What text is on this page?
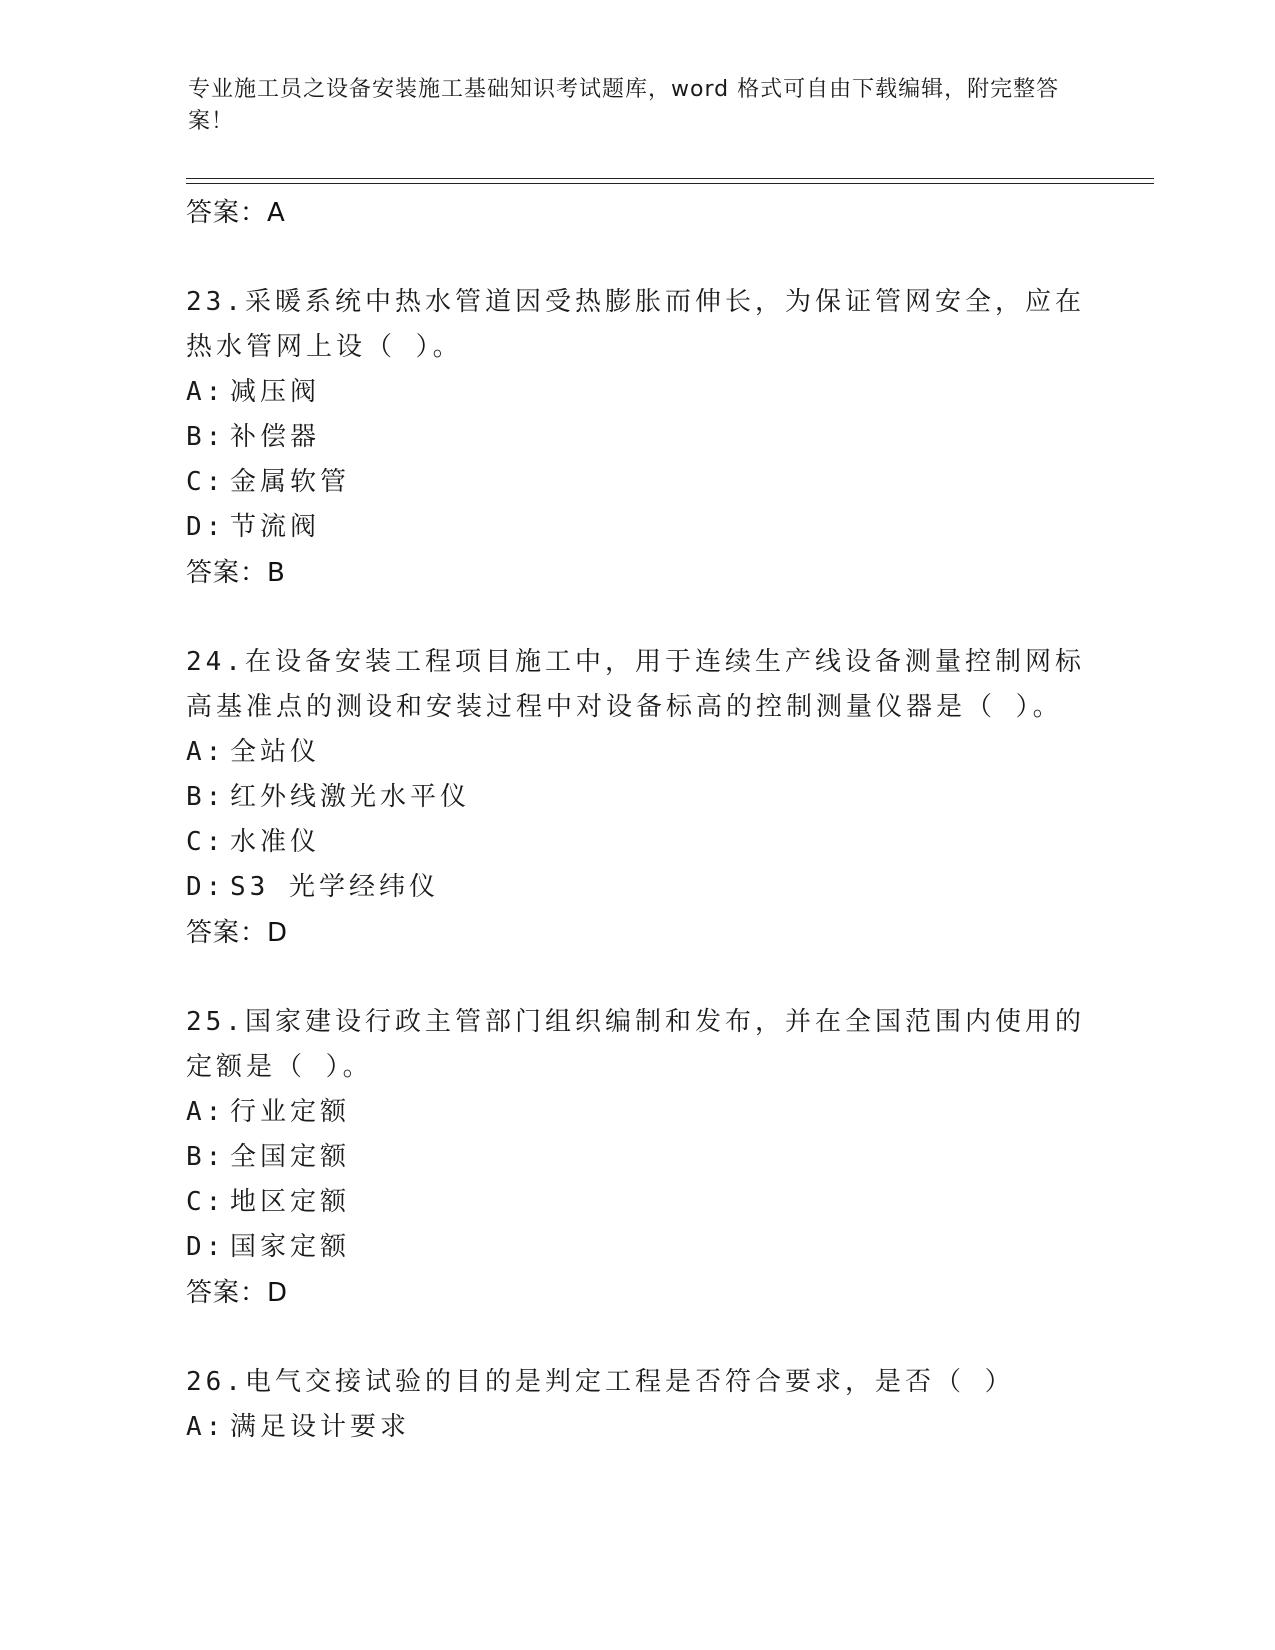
专业施工员之设备安装施工基础知识考试题库，word 格式可自由下载编辑，附完整答案！
答案：A

23.采暖系统中热水管道因受热膨胀而伸长，为保证管网安全，应在热水管网上设（ ）。

A: 减压阀
B: 补偿器
C: 金属软管
D: 节流阀
答案：B

24.在设备安装工程项目施工中，用于连续生产线设备测量控制网标高基准点的测设和安装过程中对设备标高的控制测量仪器是（ ）。

A: 全站仪
B: 红外线激光水平仪
C: 水准仪
D: S3 光学经纬仪
答案：D

25.国家建设行政主管部门组织编制和发布，并在全国范围内使用的定额是（ ）。

A: 行业定额
B: 全国定额
C: 地区定额
D: 国家定额
答案：D

26.电气交接试验的目的是判定工程是否符合要求，是否（ ）

A: 满足设计要求
